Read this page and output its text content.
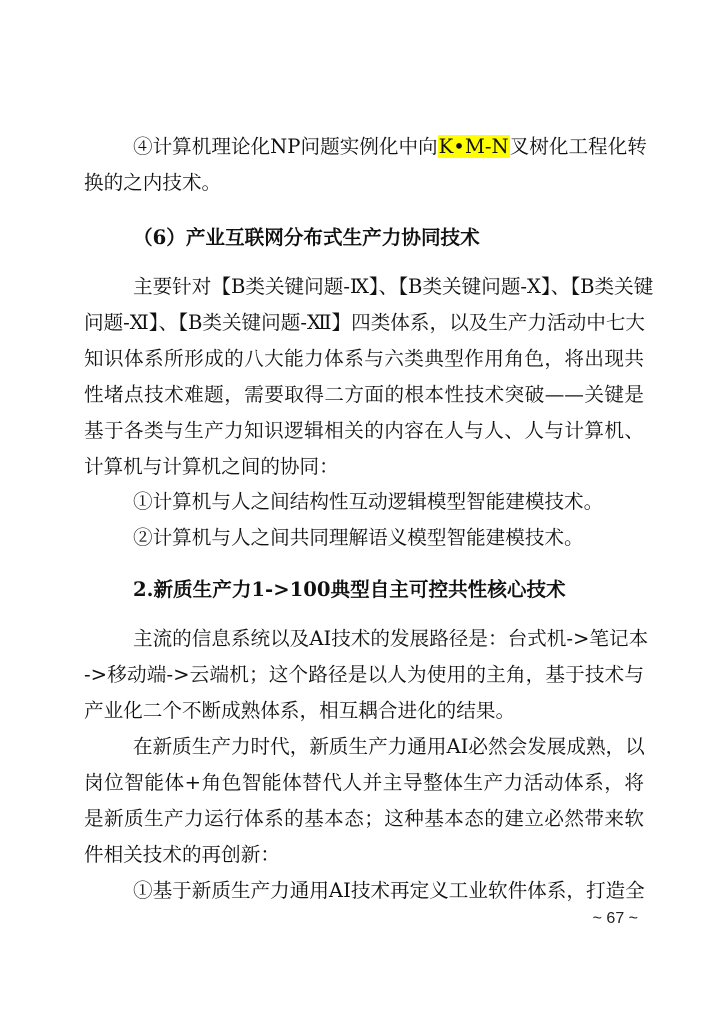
④计算机理论化NP问题实例化中向K•M-N叉树化工程化转
换的之内技术。
（6）产业互联网分布式生产力协同技术
主要针对【B类关键问题-Ⅸ】、【B类关键问题-Ⅹ】、【B类关键
问题-Ⅺ】、【B类关键问题-Ⅻ】四类体系，以及生产力活动中七大
知识体系所形成的八大能力体系与六类典型作用角色，将出现共
性堵点技术难题，需要取得二方面的根本性技术突破——关键是
基于各类与生产力知识逻辑相关的内容在人与人、人与计算机、
计算机与计算机之间的协同：
①计算机与人之间结构性互动逻辑模型智能建模技术。
②计算机与人之间共同理解语义模型智能建模技术。
2.新质生产力1->100典型自主可控共性核心技术
主流的信息系统以及AI技术的发展路径是：台式机->笔记本
->移动端->云端机；这个路径是以人为使用的主角，基于技术与
产业化二个不断成熟体系，相互耦合进化的结果。
在新质生产力时代，新质生产力通用AI必然会发展成熟，以
岗位智能体+角色智能体替代人并主导整体生产力活动体系，将
是新质生产力运行体系的基本态；这种基本态的建立必然带来软
件相关技术的再创新：
①基于新质生产力通用AI技术再定义工业软件体系，打造全
~ 67 ~
